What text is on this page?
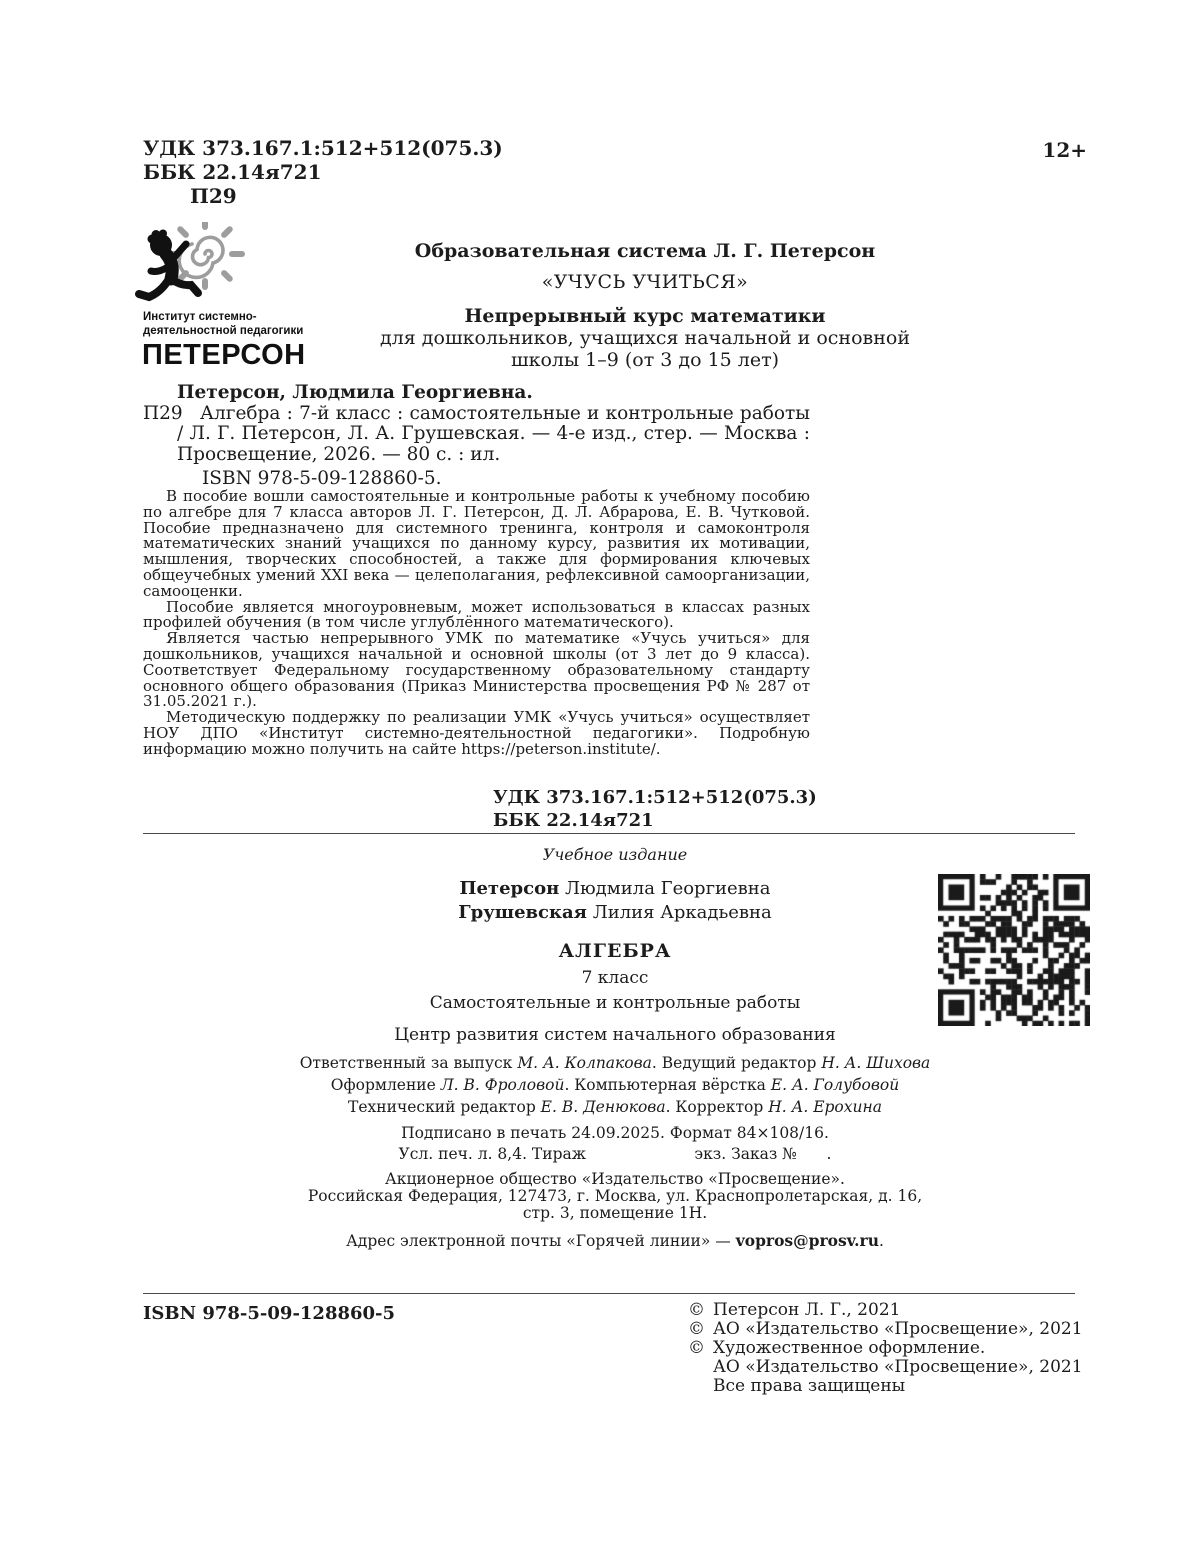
УДК 373.167.1:512+512(075.3)
ББК 22.14я721
П29
12+
Институт системно-
деятельностной педагогики
ПЕТЕРСОН
Образовательная система Л. Г. Петерсон
«УЧУСЬ УЧИТЬСЯ»
Непрерывный курс математики
для дошкольников, учащихся начальной и основной
школы 1–9 (от 3 до 15 лет)
Петерсон, Людмила Георгиевна.
П29 Алгебра : 7-й класс : самостоятельные и контрольные работы / Л. Г. Петерсон, Л. А. Грушевская. — 4-е изд., стер. — Москва : Просвещение, 2026. — 80 с. : ил.

ISBN 978-5-09-128860-5.

В пособие вошли самостоятельные и контрольные работы к учебному пособию по алгебре для 7 класса авторов Л. Г. Петерсон, Д. Л. Абрарова, Е. В. Чутковой. Пособие предназначено для системного тренинга, контроля и самоконтроля математических знаний учащихся по данному курсу, развития их мотивации, мышления, творческих способностей, а также для формирования ключевых общеучебных умений XXI века — целеполагания, рефлексивной самоорганизации, самооценки.

Пособие является многоуровневым, может использоваться в классах разных профилей обучения (в том числе углублённого математического).

Является частью непрерывного УМК по математике «Учусь учиться» для дошкольников, учащихся начальной и основной школы (от 3 лет до 9 класса). Соответствует Федеральному государственному образовательному стандарту основного общего образования (Приказ Министерства просвещения РФ № 287 от 31.05.2021 г.).

Методическую поддержку по реализации УМК «Учусь учиться» осуществляет НОУ ДПО «Институт системно-деятельностной педагогики». Подробную информацию можно получить на сайте https://peterson.institute/.

УДК 373.167.1:512+512(075.3)
ББК 22.14я721
Учебное издание
Петерсон Людмила Георгиевна
Грушевская Лилия Аркадьевна
АЛГЕБРА
7 класс
Самостоятельные и контрольные работы
Центр развития систем начального образования
Ответственный за выпуск М. А. Колпакова. Ведущий редактор Н. А. Шихова
Оформление Л. В. Фроловой. Компьютерная вёрстка Е. А. Голубовой
Технический редактор Е. В. Денюкова. Корректор Н. А. Ерохина
Подписано в печать 24.09.2025. Формат 84×108/16.
Усл. печ. л. 8,4. Тираж                      экз. Заказ №      .
Акционерное общество «Издательство «Просвещение».
Российская Федерация, 127473, г. Москва, ул. Краснопролетарская, д. 16,
стр. 3, помещение 1Н.
Адрес электронной почты «Горячей линии» — vopros@prosv.ru.
ISBN 978-5-09-128860-5	© Петерсон Л. Г., 2021
© АО «Издательство «Просвещение», 2021
© Художественное оформление.
АО «Издательство «Просвещение», 2021
Все права защищены
